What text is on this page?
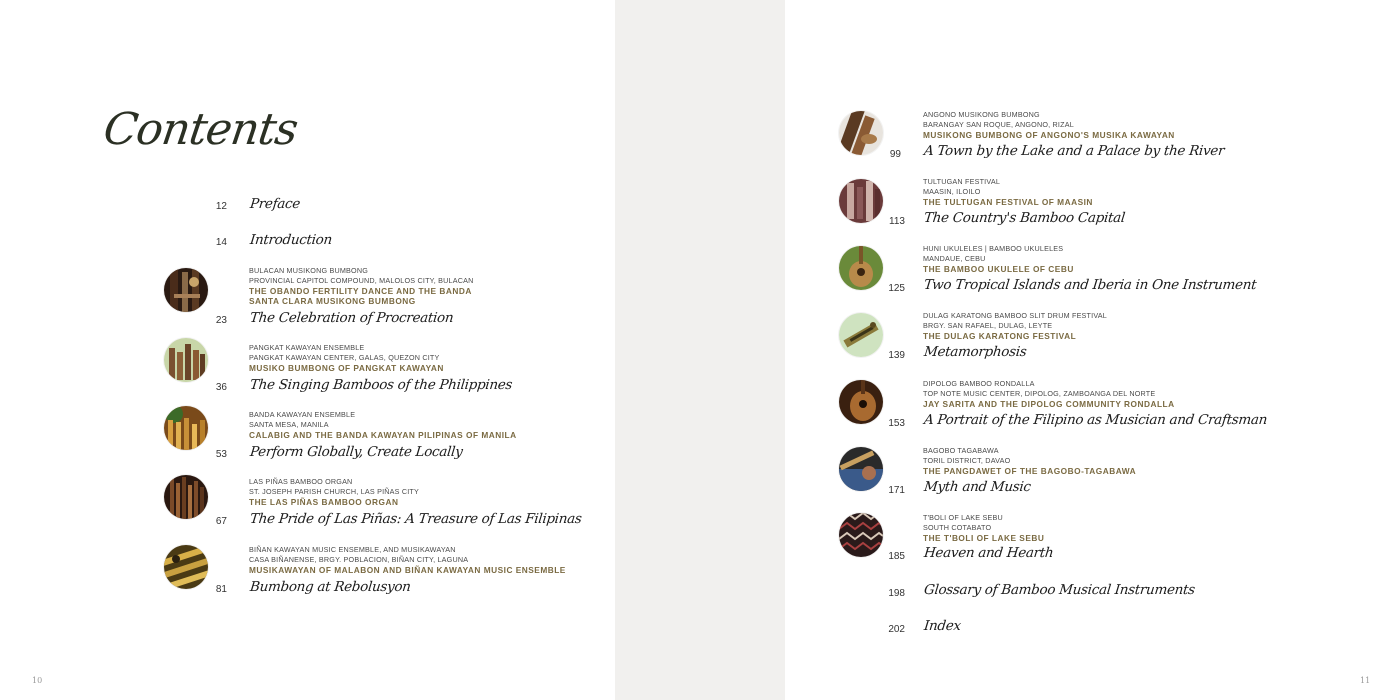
Contents
12 Preface
14 Introduction
BULACAN MUSIKONG BUMBONG
PROVINCIAL CAPITOL COMPOUND, MALOLOS CITY, BULACAN
THE OBANDO FERTILITY DANCE AND THE BANDA
SANTA CLARA MUSIKONG BUMBONG
23 The Celebration of Procreation
PANGKAT KAWAYAN ENSEMBLE
PANGKAT KAWAYAN CENTER, GALAS, QUEZON CITY
MUSIKO BUMBONG OF PANGKAT KAWAYAN
36 The Singing Bamboos of the Philippines
BANDA KAWAYAN ENSEMBLE
SANTA MESA, MANILA
CALABIG AND THE BANDA KAWAYAN PILIPINAS OF MANILA
53 Perform Globally, Create Locally
LAS PIÑAS BAMBOO ORGAN
ST. JOSEPH PARISH CHURCH, LAS PIÑAS CITY
THE LAS PIÑAS BAMBOO ORGAN
67 The Pride of Las Piñas: A Treasure of Las Filipinas
BIÑAN KAWAYAN MUSIC ENSEMBLE, AND MUSIKAWAYAN
CASA BIÑANENSE, BRGY. POBLACION, BIÑAN CITY, LAGUNA
MUSIKAWAYAN OF MALABON AND BIÑAN KAWAYAN MUSIC ENSEMBLE
81 Bumbong at Rebolusyon
10
ANGONO MUSIKONG BUMBONG
BARANGAY SAN ROQUE, ANGONO, RIZAL
MUSIKONG BUMBONG OF ANGONO'S MUSIKA KAWAYAN
99 A Town by the Lake and a Palace by the River
TULTUGAN FESTIVAL
MAASIN, ILOILO
THE TULTUGAN FESTIVAL OF MAASIN
113 The Country's Bamboo Capital
HUNI UKULELES | BAMBOO UKULELES
MANDAUE, CEBU
THE BAMBOO UKULELE OF CEBU
125 Two Tropical Islands and Iberia in One Instrument
DULAG KARATONG BAMBOO SLIT DRUM FESTIVAL
BRGY. SAN RAFAEL, DULAG, LEYTE
THE DULAG KARATONG FESTIVAL
139 Metamorphosis
DIPOLOG BAMBOO RONDALLA
TOP NOTE MUSIC CENTER, DIPOLOG, ZAMBOANGA DEL NORTE
JAY SARITA AND THE DIPOLOG COMMUNITY RONDALLA
153 A Portrait of the Filipino as Musician and Craftsman
BAGOBO TAGABAWA
TORIL DISTRICT, DAVAO
THE PANGDAWET OF THE BAGOBO-TAGABAWA
171 Myth and Music
T'BOLI OF LAKE SEBU
SOUTH COTABATO
THE T'BOLI OF LAKE SEBU
185 Heaven and Hearth
198 Glossary of Bamboo Musical Instruments
202 Index
11
